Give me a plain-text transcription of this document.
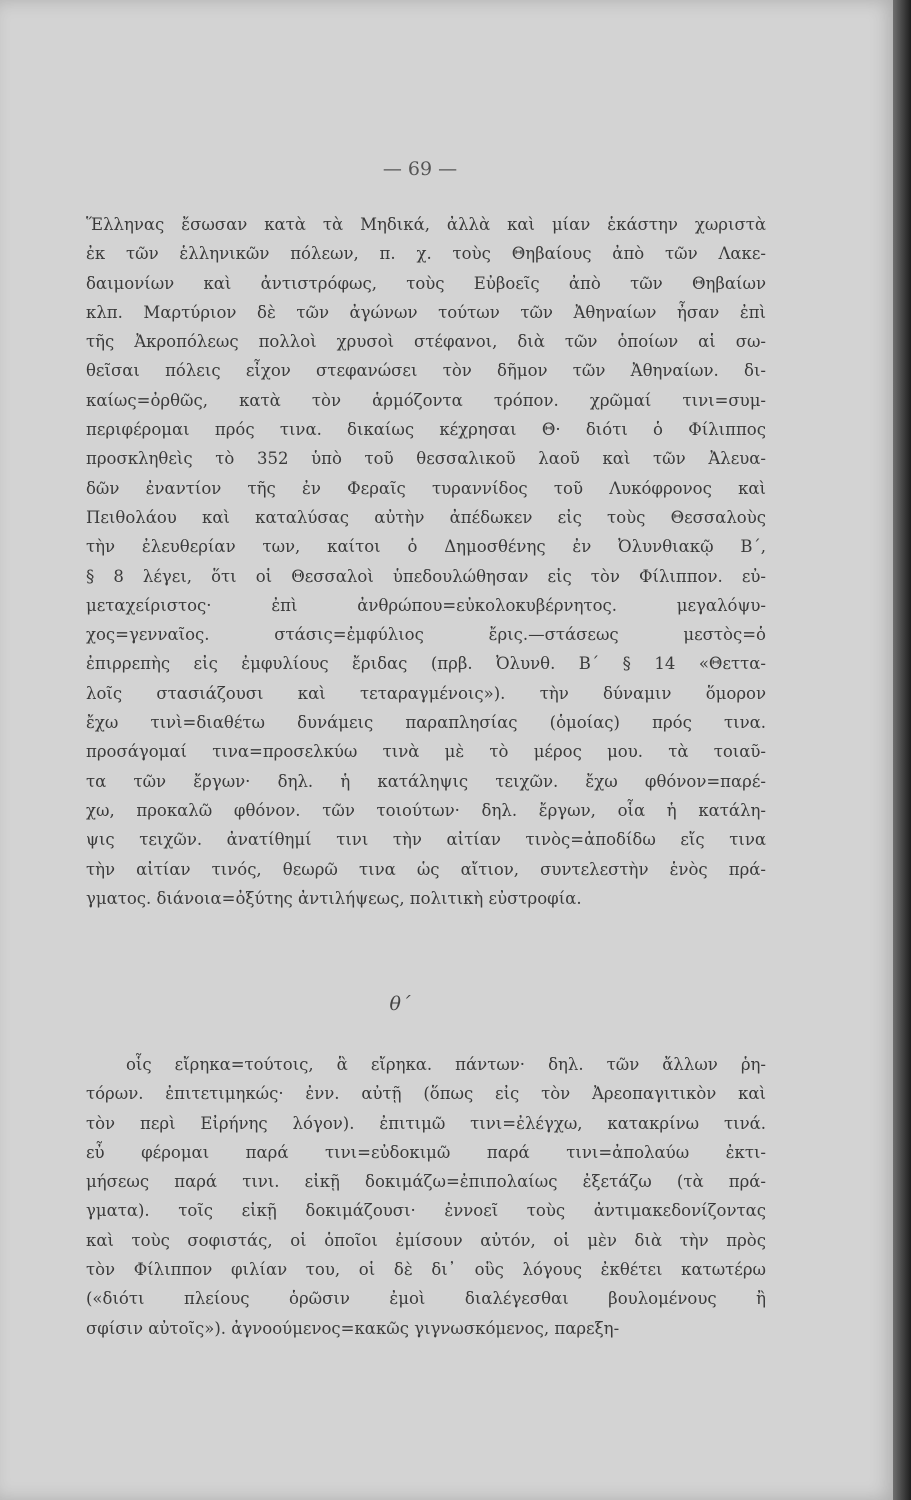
— 69 —
Ἕλληνας ἔσωσαν κατὰ τὰ Μηδικά, ἀλλὰ καὶ μίαν ἑκάστην χωριστὰ
ἐκ τῶν ἑλληνικῶν πόλεων, π. χ. τοὺς Θηβαίους ἀπὸ τῶν Λακε-
δαιμονίων καὶ ἀντιστρόφως, τοὺς Εὐβοεῖς ἀπὸ τῶν Θηβαίων
κλπ. Μαρτύριον δὲ τῶν ἀγώνων τούτων τῶν Ἀθηναίων ἦσαν ἐπὶ
τῆς Ἀκροπόλεως πολλοὶ χρυσοὶ στέφανοι, διὰ τῶν ὁποίων αἱ σω-
θεῖσαι πόλεις εἶχον στεφανώσει τὸν δῆμον τῶν Ἀθηναίων. δι-
καίως=ὀρθῶς, κατὰ τὸν ἁρμόζοντα τρόπον. χρῶμαί τινι=συμ-
περιφέρομαι πρός τινα. δικαίως κέχρησαι Θ· διότι ὁ Φίλιππος
προσκληθεὶς τὸ 352 ὑπὸ τοῦ θεσσαλικοῦ λαοῦ καὶ τῶν Ἀλευα-
δῶν ἐναντίον τῆς ἐν Φεραῖς τυραννίδος τοῦ Λυκόφρονος καὶ
Πειθολάου καὶ καταλύσας αὐτὴν ἀπέδωκεν εἰς τοὺς Θεσσαλοὺς
τὴν ἐλευθερίαν των, καίτοι ὁ Δημοσθένης ἐν Ὀλυνθιακῷ Β΄,
§ 8 λέγει, ὅτι οἱ Θεσσαλοὶ ὑπεδουλώθησαν εἰς τὸν Φίλιππον. εὐ-
μεταχείριστος· ἐπὶ ἀνθρώπου=εὐκολοκυβέρνητος. μεγαλόψυ-
χος=γενναῖος. στάσις=ἐμφύλιος ἔρις.—στάσεως μεστὸς=ὁ
ἐπιρρεπὴς εἰς ἐμφυλίους ἔριδας (πρβ. Ὀλυνθ. Β΄ § 14 «Θεττα-
λοῖς στασιάζουσι καὶ τεταραγμένοις»). τὴν δύναμιν ὅμορον
ἔχω τινὶ=διαθέτω δυνάμεις παραπλησίας (ὁμοίας) πρός τινα.
προσάγομαί τινα=προσελκύω τινὰ μὲ τὸ μέρος μου. τὰ τοιαῦ-
τα τῶν ἔργων· δηλ. ἡ κατάληψις τειχῶν. ἔχω φθόνον=παρέ-
χω, προκαλῶ φθόνον. τῶν τοιούτων· δηλ. ἔργων, οἷα ἡ κατάλη-
ψις τειχῶν. ἀνατίθημί τινι τὴν αἰτίαν τινὸς=ἀποδίδω εἴς τινα
τὴν αἰτίαν τινός, θεωρῶ τινα ὡς αἴτιον, συντελεστὴν ἑνὸς πρά-
γματος. διάνοια=ὀξύτης ἀντιλήψεως, πολιτικὴ εὐστροφία.
θ΄
οἷς εἴρηκα=τούτοις, ἃ εἴρηκα. πάντων· δηλ. τῶν ἄλλων ῥη-
τόρων. ἐπιτετιμηκώς· ἐνν. αὐτῇ (ὅπως εἰς τὸν Ἀρεοπαγιτικὸν καὶ
τὸν περὶ Εἰρήνης λόγον). ἐπιτιμῶ τινι=ἐλέγχω, κατακρίνω τινά.
εὖ φέρομαι παρά τινι=εὐδοκιμῶ παρά τινι=ἀπολαύω ἐκτι-
μήσεως παρά τινι. εἰκῇ δοκιμάζω=ἐπιπολαίως ἐξετάζω (τὰ πρά-
γματα). τοῖς εἰκῇ δοκιμάζουσι· ἐννοεῖ τοὺς ἀντιμακεδονίζοντας
καὶ τοὺς σοφιστάς, οἱ ὁποῖοι ἐμίσουν αὐτόν, οἱ μὲν διὰ τὴν πρὸς
τὸν Φίλιππον φιλίαν του, οἱ δὲ δι᾽ οὓς λόγους ἐκθέτει κατωτέρω
(«διότι πλείους ὁρῶσιν ἐμοὶ διαλέγεσθαι βουλομένους ἢ
σφίσιν αὐτοῖς»). ἀγνοούμενος=κακῶς γιγνωσκόμενος, παρεξη-
